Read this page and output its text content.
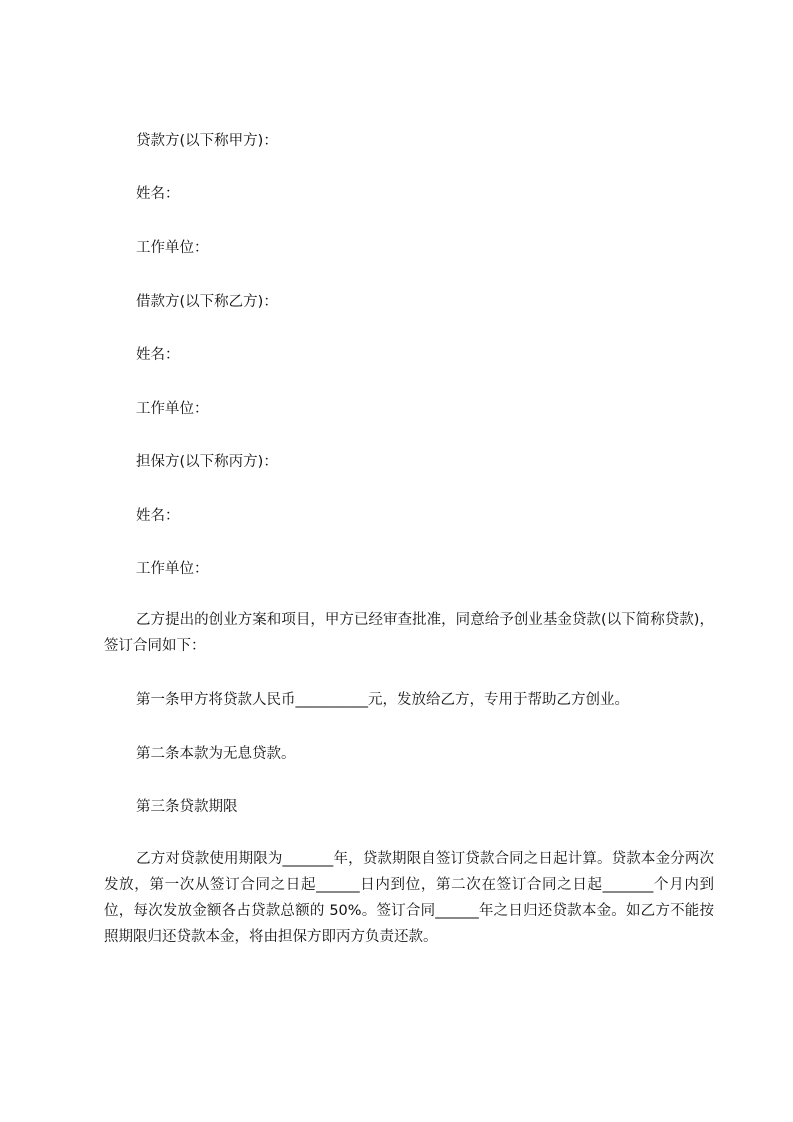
贷款方(以下称甲方)：
姓名：
工作单位：
借款方(以下称乙方)：
姓名：
工作单位：
担保方(以下称丙方)：
姓名：
工作单位：
乙方提出的创业方案和项目，甲方已经审查批准，同意给予创业基金贷款(以下简称贷款)，签订合同如下：
第一条甲方将贷款人民币__________元，发放给乙方，专用于帮助乙方创业。
第二条本款为无息贷款。
第三条贷款期限
乙方对贷款使用期限为_______年，贷款期限自签订贷款合同之日起计算。贷款本金分两次发放，第一次从签订合同之日起______日内到位，第二次在签订合同之日起_______个月内到位，每次发放金额各占贷款总额的 50%。签订合同______年之日归还贷款本金。如乙方不能按照期限归还贷款本金，将由担保方即丙方负责还款。
